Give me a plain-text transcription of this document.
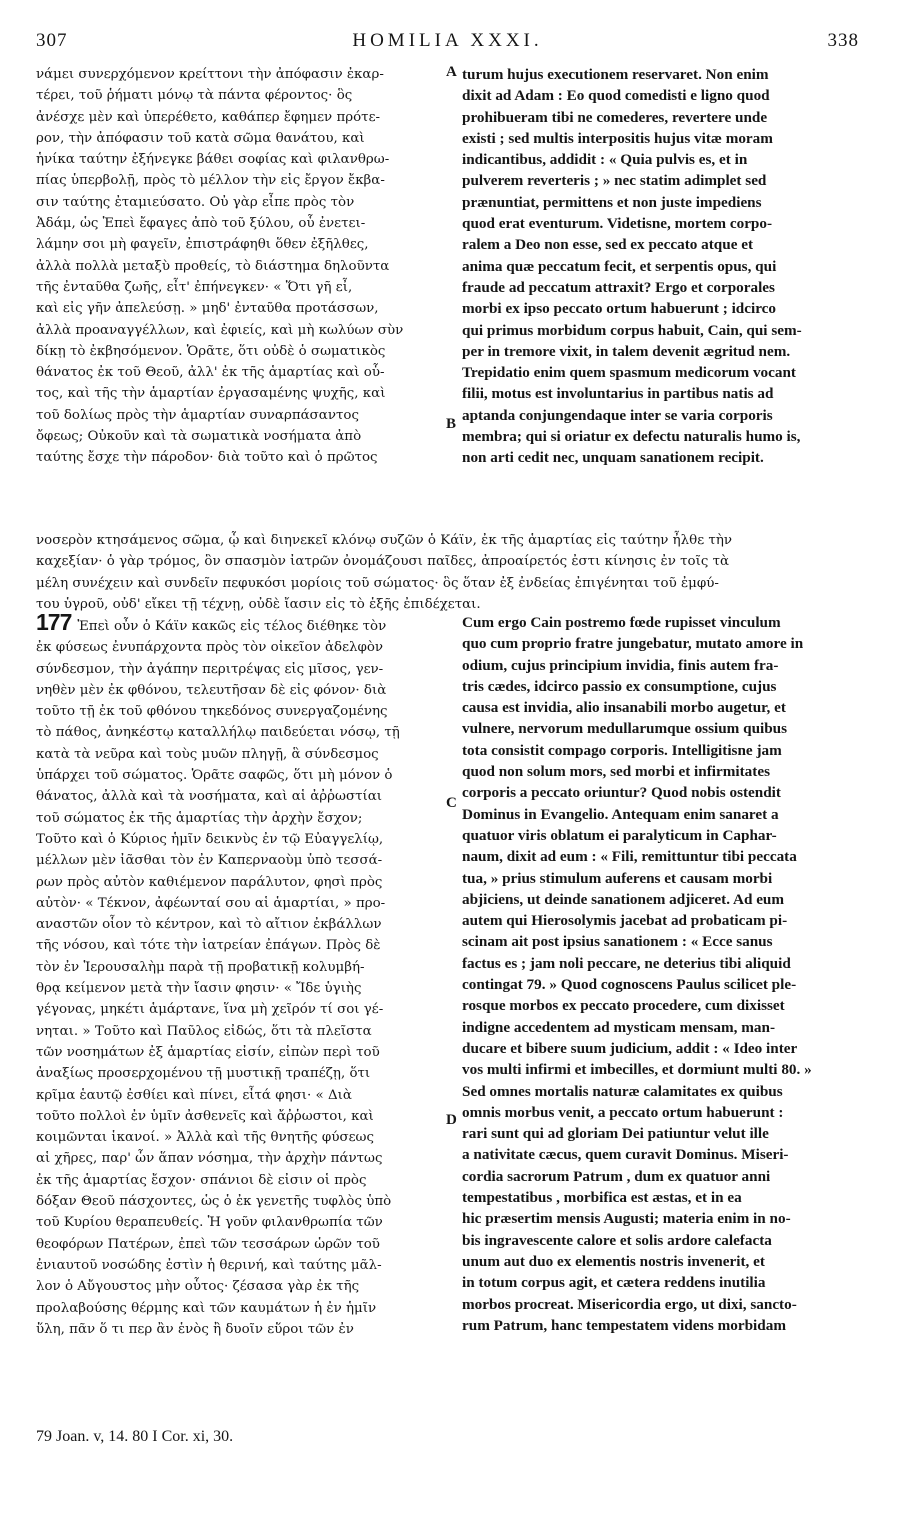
307	HOMILIA XXXI.	338
νάμει συνερχόμενον κρείττονι τὴν ἀπόφασιν ἐκαρ-
τέρει, τοῦ ῥήματι μόνῳ τὰ πάντα φέροντος· ὃς
ἀνέσχε μὲν καὶ ὑπερέθετο, καθάπερ ἔφημεν πρότε-
ρον, τὴν ἀπόφασιν τοῦ κατὰ σῶμα θανάτου, καὶ
ἡνίκα ταύτην ἐξήνεγκε βάθει σοφίας καὶ φιλανθρω-
πίας ὑπερβολῇ, πρὸς τὸ μέλλον τὴν εἰς ἔργον ἔκβα-
σιν ταύτης ἐταμιεύσατο. Οὐ γὰρ εἶπε πρὸς τὸν
Ἀδάμ, ὡς Ἐπεὶ ἔφαγες ἀπὸ τοῦ ξύλου, οὗ ἐνετει-
λάμην σοι μὴ φαγεῖν, ἐπιστράφηθι ὅθεν ἐξῆλθες,
ἀλλὰ πολλὰ μεταξὺ προθείς, τὸ διάστημα δηλοῦντα
τῆς ἐνταῦθα ζωῆς, εἶτ' ἐπήνεγκεν· « Ὅτι γῆ εἶ,
καὶ εἰς γῆν ἀπελεύσῃ. » μηδ' ἐνταῦθα προτάσσων,
ἀλλὰ προαναγγέλλων, καὶ ἐφιείς, καὶ μὴ κωλύων σὺν
δίκῃ τὸ ἐκβησόμενον. Ὁρᾶτε, ὅτι οὐδὲ ὁ σωματικὸς
θάνατος ἐκ τοῦ Θεοῦ, ἀλλ' ἐκ τῆς ἁμαρτίας καὶ οὗ-
τος, καὶ τῆς τὴν ἁμαρτίαν ἐργασαμένης ψυχῆς, καὶ
τοῦ δολίως πρὸς τὴν ἁμαρτίαν συναρπάσαντος
ὄφεως; Οὐκοῦν καὶ τὰ σωματικὰ νοσήματα ἀπὸ
ταύτης ἔσχε τὴν πάροδον· διὰ τοῦτο καὶ ὁ πρῶτος
turum hujus executionem reservaret. Non enim
dixit ad Adam : Eo quod comedisti e ligno quod
prohibueram tibi ne comederes, revertere unde
existi ; sed multis interpositis hujus vitæ moram
indicantibus, addidit : « Quia pulvis es, et in
pulverem reverteris ; » nec statim adimplet sed
prænuntiat, permittens et non juste impediens
quod erat eventurum. Videtisne, mortem corpo-
ralem a Deo non esse, sed ex peccato atque et
anima quæ peccatum fecit, et serpentis opus, qui
fraude ad peccatum attraxit? Ergo et corporales
morbi ex ipso peccato ortum habuerunt ; idcirco
qui primus morbidum corpus habuit, Cain, qui sem-
per in tremore vixit, in talem devenit ægritud nem.
Trepidatio enim quem spasmum medicorum vocant
filii, motus est involuntarius in partibus natis ad
aptanda conjungendaque inter se varia corporis
membra; qui si oriatur ex defectu naturalis humo is,
non arti cedit nec, unquam sanationem recipit.
νοσερὸν κτησάμενος σῶμα, ᾧ καὶ διηνεκεῖ κλόνῳ συζῶν ὁ Κάϊν, ἐκ τῆς ἁμαρτίας εἰς ταύτην ἦλθε τὴν
καχεξίαν· ὁ γὰρ τρόμος, ὃν σπασμὸν ἰατρῶν ὀνομάζουσι παῖδες, ἀπροαίρετός ἐστι κίνησις ἐν τοῖς τὰ
μέλη συνέχειν καὶ συνδεῖν πεφυκόσι μορίοις τοῦ σώματος· ὃς ὅταν ἐξ ἐνδείας ἐπιγένηται τοῦ ἐμφύ-
του ὑγροῦ, οὐδ' εἴκει τῇ τέχνῃ, οὐδὲ ἴασιν εἰς τὸ ἑξῆς ἐπιδέχεται.
177 Ἐπεὶ οὖν ὁ Κάϊν κακῶς εἰς τέλος διέθηκε τὸν
ἐκ φύσεως ἐνυπάρχοντα πρὸς τὸν οἰκεῖον ἀδελφὸν
σύνδεσμον, τὴν ἀγάπην περιτρέψας εἰς μῖσος, γεν-
νηθὲν μὲν ἐκ φθόνου, τελευτῆσαν δὲ εἰς φόνον· διὰ
τοῦτο τῇ ἐκ τοῦ φθόνου τηκεδόνος συνεργαζομένης
τὸ πάθος, ἀνηκέστῳ καταλλήλῳ παιδεύεται νόσῳ, τῇ
κατὰ τὰ νεῦρα καὶ τοὺς μυῶν πληγῇ, ἃ σύνδεσμος
ὑπάρχει τοῦ σώματος. Ὁρᾶτε σαφῶς, ὅτι μὴ μόνον ὁ
θάνατος, ἀλλὰ καὶ τὰ νοσήματα, καὶ αἱ ἀῤῥωστίαι
τοῦ σώματος ἐκ τῆς ἁμαρτίας τὴν ἀρχὴν ἔσχον;
Τοῦτο καὶ ὁ Κύριος ἡμῖν δεικνὺς ἐν τῷ Εὐαγγελίῳ,
μέλλων μὲν ἰᾶσθαι τὸν ἐν Καπερναοὺμ ὑπὸ τεσσά-
ρων πρὸς αὐτὸν καθιέμενον παράλυτον, φησὶ πρὸς
αὐτὸν· « Τέκνον, ἀφέωνταί σου αἱ ἁμαρτίαι, » προ-
αναστῶν οἷον τὸ κέντρον, καὶ τὸ αἴτιον ἐκβάλλων
τῆς νόσου, καὶ τότε τὴν ἰατρείαν ἐπάγων. Πρὸς δὲ
τὸν ἐν Ἱερουσαλὴμ παρὰ τῇ προβατικῇ κολυμβή-
θρᾳ κείμενον μετὰ τὴν ἴασιν φησιν· « Ἴδε ὑγιὴς
γέγονας, μηκέτι ἁμάρτανε, ἵνα μὴ χεῖρόν τί σοι γέ-
νηται. » Τοῦτο καὶ Παῦλος εἰδώς, ὅτι τὰ πλεῖστα
τῶν νοσημάτων ἐξ ἁμαρτίας εἰσίν, εἰπὼν περὶ τοῦ
ἀναξίως προσερχομένου τῇ μυστικῇ τραπέζῃ, ὅτι
κρῖμα ἑαυτῷ ἐσθίει καὶ πίνει, εἶτά φησι· « Διὰ
τοῦτο πολλοὶ ἐν ὑμῖν ἀσθενεῖς καὶ ἄῤῥωστοι, καὶ
κοιμῶνται ἱκανοί. » Ἀλλὰ καὶ τῆς θνητῆς φύσεως
αἱ χῆρες, παρ' ὧν ἅπαν νόσημα, τὴν ἀρχὴν πάντως
ἐκ τῆς ἁμαρτίας ἔσχον· σπάνιοι δὲ εἰσιν οἱ πρὸς
δόξαν Θεοῦ πάσχοντες, ὡς ὁ ἐκ γενετῆς τυφλὸς ὑπὸ
τοῦ Κυρίου θεραπευθείς. Ἡ γοῦν φιλανθρωπία τῶν
θεοφόρων Πατέρων, ἐπεὶ τῶν τεσσάρων ὡρῶν τοῦ
ἐνιαυτοῦ νοσώδης ἐστὶν ἡ θερινή, καὶ ταύτης μᾶλ-
λον ὁ Αὔγουστος μὴν οὗτος· ζέσασα γὰρ ἐκ τῆς
προλαβούσης θέρμης καὶ τῶν καυμάτων ἡ ἐν ἡμῖν
ὕλη, πᾶν ὅ τι περ ἂν ἑνὸς ἢ δυοῖν εὕροι τῶν ἐν
Cum ergo Cain postremo fœde rupisset vinculum
quo cum proprio fratre jungebatur, mutato amore in
odium, cujus principium invidia, finis autem fra-
tris cædes, idcirco passio ex consumptione, cujus
causa est invidia, alio insanabili morbo augetur, et
vulnere, nervorum medullarumque ossium quibus
tota consistit compago corporis. Intelligitisne jam
quod non solum mors, sed morbi et infirmitates
corporis a peccato oriuntur? Quod nobis ostendit
Dominus in Evangelio. Antequam enim sanaret a
quatuor viris oblatum ei paralyticum in Caphar-
naum, dixit ad eum : « Fili, remittuntur tibi peccata
tua, » prius stimulum auferens et causam morbi
abjiciens, ut deinde sanationem adjiceret. Ad eum
autem qui Hierosolymis jacebat ad probaticam pi-
scinam ait post ipsius sanationem : « Ecce sanus
factus es ; jam noli peccare, ne deterius tibi aliquid
contingat 79. » Quod cognoscens Paulus scilicet ple-
rosque morbos ex peccato procedere, cum dixisset
indigne accedentem ad mysticam mensam, man-
ducare et bibere suum judicium, addit : « Ideo inter
vos multi infirmi et imbecilles, et dormiunt multi 80. »
Sed omnes mortalis naturæ calamitates ex quibus
omnis morbus venit, a peccato ortum habuerunt :
rari sunt qui ad gloriam Dei patiuntur velut ille
a nativitate cæcus, quem curavit Dominus. Miseri-
cordia sacrorum Patrum , dum ex quatuor anni
tempestatibus , morbifica est æstas, et in ea
hic præsertim mensis Augusti; materia enim in no-
bis ingravescente calore et solis ardore calefacta
unum aut duo ex elementis nostris invenerit, et
in totum corpus agit, et cætera reddens inutilia
morbos procreat. Misericordia ergo, ut dixi, sancto-
rum Patrum, hanc tempestatem videns morbidam
A
B
C
D
79 Joan. v, 14. 80 I Cor. xi, 30.
